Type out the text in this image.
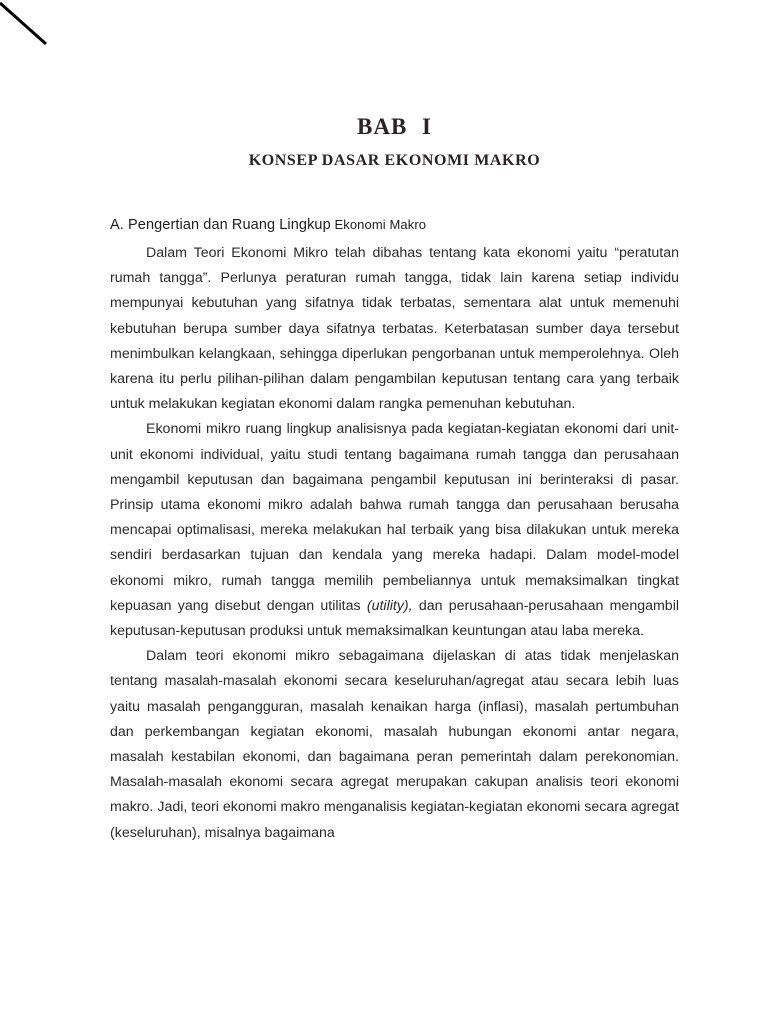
BAB I
KONSEP DASAR EKONOMI MAKRO
A. Pengertian dan Ruang Lingkup Ekonomi Makro

Dalam Teori Ekonomi Mikro telah dibahas tentang kata ekonomi yaitu “peratutan rumah tangga”. Perlunya peraturan rumah tangga, tidak lain karena setiap individu mempunyai kebutuhan yang sifatnya tidak terbatas, sementara alat untuk memenuhi kebutuhan berupa sumber daya sifatnya terbatas. Keterbatasan sumber daya tersebut menimbulkan kelangkaan, sehingga diperlukan pengorbanan untuk memperolehnya. Oleh karena itu perlu pilihan-pilihan dalam pengambilan keputusan tentang cara yang terbaik untuk melakukan kegiatan ekonomi dalam rangka pemenuhan kebutuhan.

Ekonomi mikro ruang lingkup analisisnya pada kegiatan-kegiatan ekonomi dari unit-unit ekonomi individual, yaitu studi tentang bagaimana rumah tangga dan perusahaan mengambil keputusan dan bagaimana pengambil keputusan ini berinteraksi di pasar. Prinsip utama ekonomi mikro adalah bahwa rumah tangga dan perusahaan berusaha mencapai optimalisasi, mereka melakukan hal terbaik yang bisa dilakukan untuk mereka sendiri berdasarkan tujuan dan kendala yang mereka hadapi. Dalam model-model ekonomi mikro, rumah tangga memilih pembeliannya untuk memaksimalkan tingkat kepuasan yang disebut dengan utilitas (utility), dan perusahaan-perusahaan mengambil keputusan-keputusan produksi untuk memaksimalkan keuntungan atau laba mereka.

Dalam teori ekonomi mikro sebagaimana dijelaskan di atas tidak menjelaskan tentang masalah-masalah ekonomi secara keseluruhan/agregat atau secara lebih luas yaitu masalah pengangguran, masalah kenaikan harga (inflasi), masalah pertumbuhan dan perkembangan kegiatan ekonomi, masalah hubungan ekonomi antar negara, masalah kestabilan ekonomi, dan bagaimana peran pemerintah dalam perekonomian. Masalah-masalah ekonomi secara agregat merupakan cakupan analisis teori ekonomi makro. Jadi, teori ekonomi makro menganalisis kegiatan-kegiatan ekonomi secara agregat (keseluruhan), misalnya bagaimana
